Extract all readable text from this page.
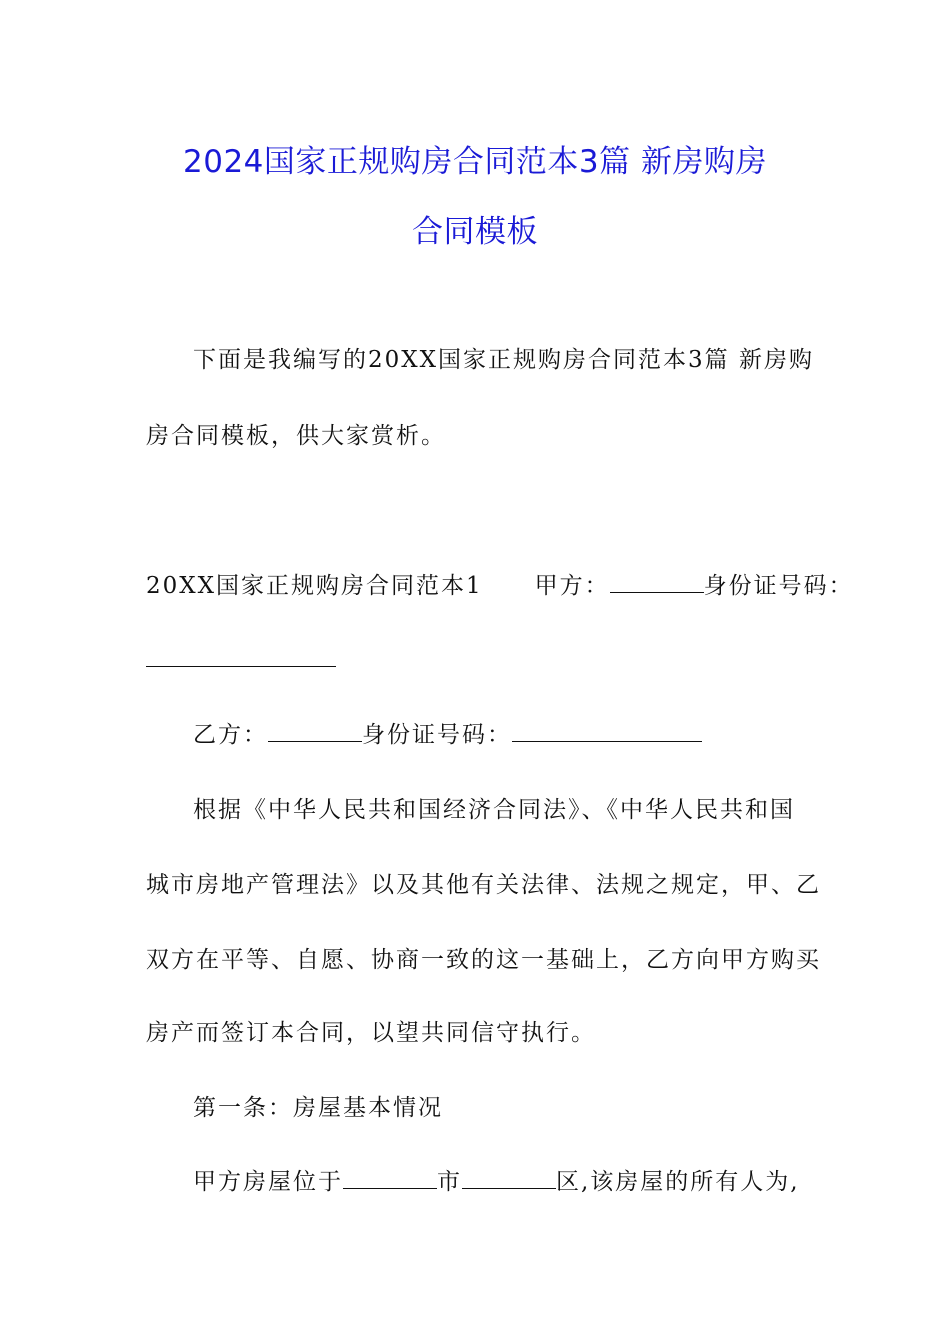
2024国家正规购房合同范本3篇 新房购房
合同模板

下面是我编写的20XX国家正规购房合同范本3篇 新房购

房合同模板，供大家赏析。

20XX国家正规购房合同范本1 甲方：	身份证号码：

乙方：	身份证号码：

根据《中华人民共和国经济合同法》、《中华人民共和国

城市房地产管理法》以及其他有关法律、法规之规定，甲、乙

双方在平等、自愿、协商一致的这一基础上，乙方向甲方购买

房产而签订本合同，以望共同信守执行。

第一条：房屋基本情况

甲方房屋位于	市	区,该房屋的所有人为,
